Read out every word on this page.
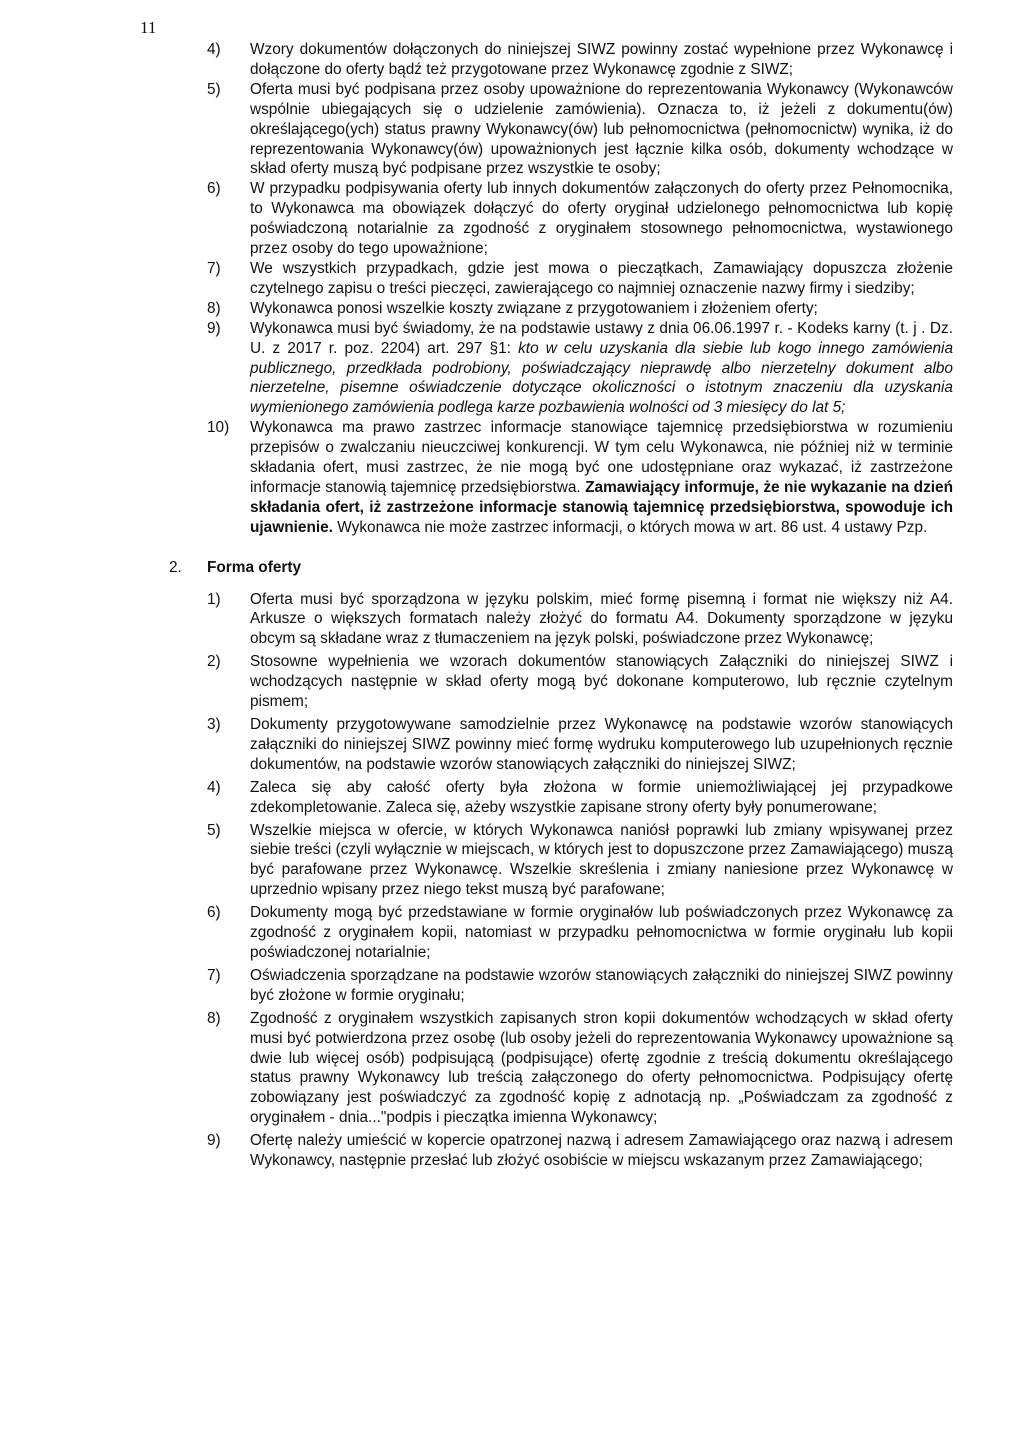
11
4) Wzory dokumentów dołączonych do niniejszej SIWZ powinny zostać wypełnione przez Wykonawcę i dołączone do oferty bądź też przygotowane przez Wykonawcę zgodnie z SIWZ;
5) Oferta musi być podpisana przez osoby upoważnione do reprezentowania Wykonawcy (Wykonawców wspólnie ubiegających się o udzielenie zamówienia). Oznacza to, iż jeżeli z dokumentu(ów) określającego(ych) status prawny Wykonawcy(ów) lub pełnomocnictwa (pełnomocnictw) wynika, iż do reprezentowania Wykonawcy(ów) upoważnionych jest łącznie kilka osób, dokumenty wchodzące w skład oferty muszą być podpisane przez wszystkie te osoby;
6) W przypadku podpisywania oferty lub innych dokumentów załączonych do oferty przez Pełnomocnika, to Wykonawca ma obowiązek dołączyć do oferty oryginał udzielonego pełnomocnictwa lub kopię poświadczoną notarialnie za zgodność z oryginałem stosownego pełnomocnictwa, wystawionego przez osoby do tego upoważnione;
7) We wszystkich przypadkach, gdzie jest mowa o pieczątkach, Zamawiający dopuszcza złożenie czytelnego zapisu o treści pieczęci, zawierającego co najmniej oznaczenie nazwy firmy i siedziby;
8) Wykonawca ponosi wszelkie koszty związane z przygotowaniem i złożeniem oferty;
9) Wykonawca musi być świadomy, że na podstawie ustawy z dnia 06.06.1997 r. - Kodeks karny (t. j . Dz. U. z 2017 r. poz. 2204) art. 297 §1: kto w celu uzyskania dla siebie lub kogo innego zamówienia publicznego, przedkłada podrobiony, poświadczający nieprawdę albo nierzetelny dokument albo nierzetelne, pisemne oświadczenie dotyczące okoliczności o istotnym znaczeniu dla uzyskania wymienionego zamówienia podlega karze pozbawienia wolności od 3 miesięcy do lat 5;
10) Wykonawca ma prawo zastrzec informacje stanowiące tajemnicę przedsiębiorstwa w rozumieniu przepisów o zwalczaniu nieuczciwej konkurencji. W tym celu Wykonawca, nie później niż w terminie składania ofert, musi zastrzec, że nie mogą być one udostępniane oraz wykazać, iż zastrzeżone informacje stanowią tajemnicę przedsiębiorstwa. Zamawiający informuje, że nie wykazanie na dzień składania ofert, iż zastrzeżone informacje stanowią tajemnicę przedsiębiorstwa, spowoduje ich ujawnienie. Wykonawca nie może zastrzec informacji, o których mowa w art. 86 ust. 4 ustawy Pzp.
2. Forma oferty
1) Oferta musi być sporządzona w języku polskim, mieć formę pisemną i format nie większy niż A4. Arkusze o większych formatach należy złożyć do formatu A4. Dokumenty sporządzone w języku obcym są składane wraz z tłumaczeniem na język polski, poświadczone przez Wykonawcę;
2) Stosowne wypełnienia we wzorach dokumentów stanowiących Załączniki do niniejszej SIWZ i wchodzących następnie w skład oferty mogą być dokonane komputerowo, lub ręcznie czytelnym pismem;
3) Dokumenty przygotowywane samodzielnie przez Wykonawcę na podstawie wzorów stanowiących załączniki do niniejszej SIWZ powinny mieć formę wydruku komputerowego lub uzupełnionych ręcznie dokumentów, na podstawie wzorów stanowiących załączniki do niniejszej SIWZ;
4) Zaleca się aby całość oferty była złożona w formie uniemożliwiającej jej przypadkowe zdekompletowanie. Zaleca się, ażeby wszystkie zapisane strony oferty były ponumerowane;
5) Wszelkie miejsca w ofercie, w których Wykonawca naniósł poprawki lub zmiany wpisywanej przez siebie treści (czyli wyłącznie w miejscach, w których jest to dopuszczone przez Zamawiającego) muszą być parafowane przez Wykonawcę. Wszelkie skreślenia i zmiany naniesione przez Wykonawcę w uprzednio wpisany przez niego tekst muszą być parafowane;
6) Dokumenty mogą być przedstawiane w formie oryginałów lub poświadczonych przez Wykonawcę za zgodność z oryginałem kopii, natomiast w przypadku pełnomocnictwa w formie oryginału lub kopii poświadczonej notarialnie;
7) Oświadczenia sporządzane na podstawie wzorów stanowiących załączniki do niniejszej SIWZ powinny być złożone w formie oryginału;
8) Zgodność z oryginałem wszystkich zapisanych stron kopii dokumentów wchodzących w skład oferty musi być potwierdzona przez osobę (lub osoby jeżeli do reprezentowania Wykonawcy upoważnione są dwie lub więcej osób) podpisującą (podpisujące) ofertę zgodnie z treścią dokumentu określającego status prawny Wykonawcy lub treścią załączonego do oferty pełnomocnictwa. Podpisujący ofertę zobowiązany jest poświadczyć za zgodność kopię z adnotacją np. „Poświadczam za zgodność z oryginałem - dnia..."podpis i pieczątka imienna Wykonawcy;
9) Ofertę należy umieścić w kopercie opatrzonej nazwą i adresem Zamawiającego oraz nazwą i adresem Wykonawcy, następnie przesłać lub złożyć osobiście w miejscu wskazanym przez Zamawiającego;
